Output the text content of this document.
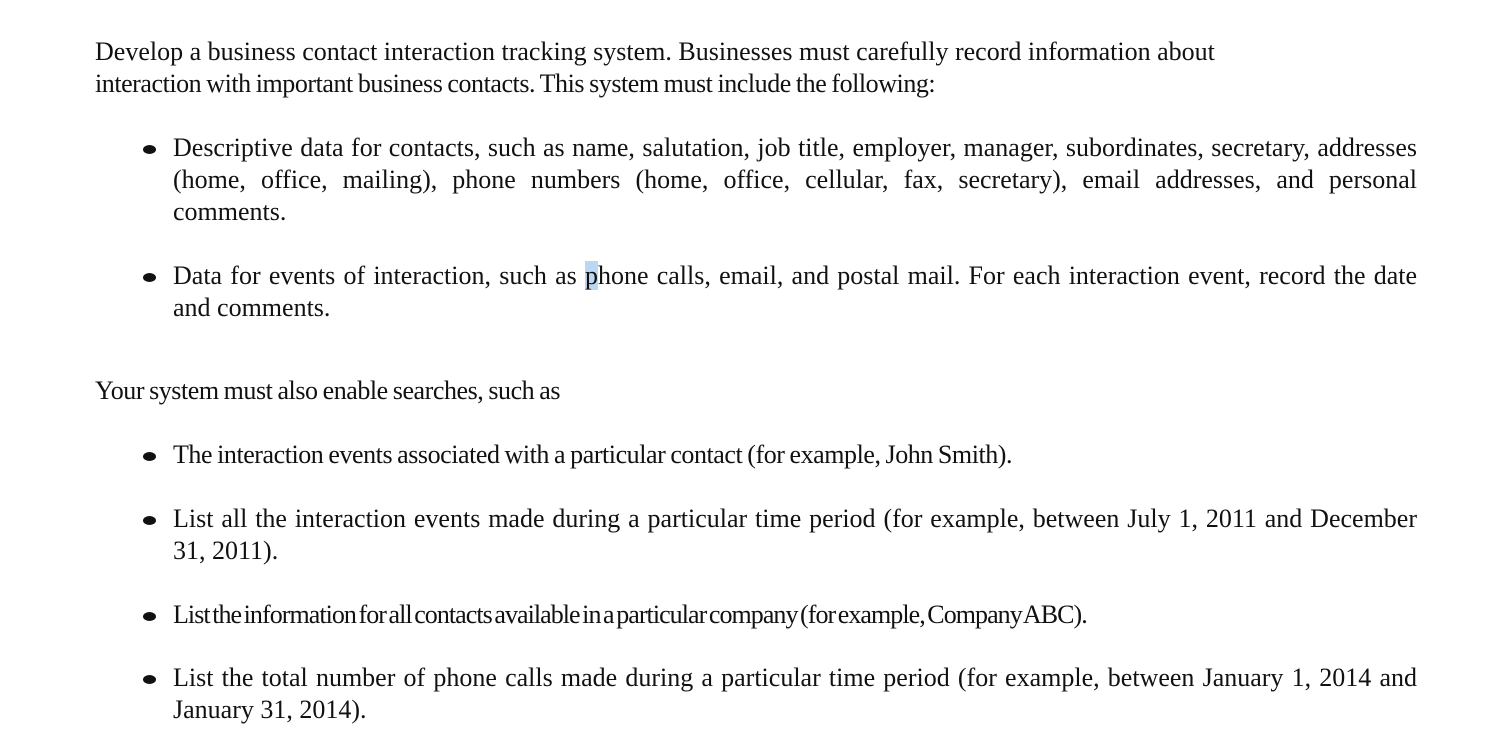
Develop a business contact interaction tracking system. Businesses must carefully record information about
interaction with important business contacts. This system must include the following:

Descriptive data for contacts, such as name, salutation, job title, employer, manager, subordinates, secretary, addresses (home, office, mailing), phone numbers (home, office, cellular, fax, secretary), email addresses, and personal comments.
Data for events of interaction, such as phone calls, email, and postal mail. For each interaction event, record the date and comments.

Your system must also enable searches, such as

The interaction events associated with a particular contact (for example, John Smith).
List all the interaction events made during a particular time period (for example, between July 1, 2011 and December 31, 2011).
List the information for all contacts available in a particular company (for example, Company ABC).
List the total number of phone calls made during a particular time period (for example, between January 1, 2014 and January 31, 2014).
